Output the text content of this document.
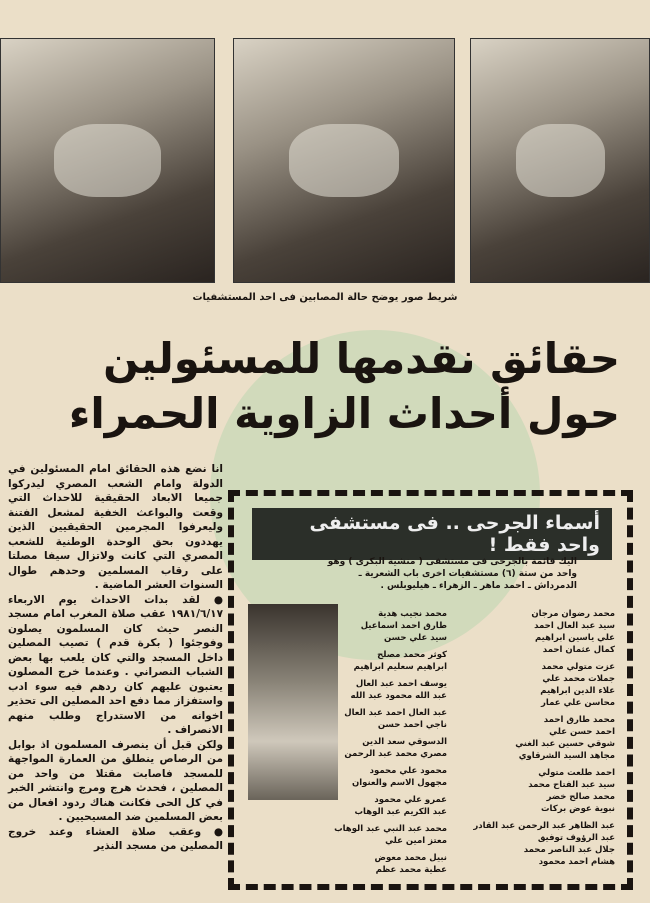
شريط صور يوضح حالة المصابين فى احد المستشفيات
حقائق نقدمها للمسئولين
حول أحداث الزاوية الحمراء

انا نضع هذه الحقائق امام المسئولين في الدولة وامام الشعب المصري ليدركوا جميعا الابعاد الحقيقية للاحداث التي وقعت والبواعث الخفية لمشعل الفتنة وليعرفوا المجرمين الحقيقيين الذين يهددون بحق الوحدة الوطنية للشعب المصري التي كانت ولاتزال سيفا مصلتا على رقاب المسلمين وحدهم طوال السنوات العشر الماضية .

● لقد بدات الاحداث يوم الاربعاء ١٩٨١/٦/١٧ عقب صلاة المغرب امام مسجد النصر حيث كان المسلمون يصلون وفوجئوا ( بكرة قدم ) تصيب المصلين داخل المسجد والتي كان يلعب بها بعض الشباب النصراني . وعندما خرج المصلون يعتبون عليهم كان ردهم فيه سوء ادب واستفزاز مما دفع احد المصلين الى تحذير اخوانه من الاستدراج وطلب منهم الانصراف .

ولكن قبل أن ينصرف المسلمون اذ بوابل من الرصاص ينطلق من العمارة المواجهة للمسجد فاصابت مقتلا من واحد من المصلين ، فحدث هرج ومرج وانتشر الخبر في كل الحى فكانت هناك ردود افعال من بعض المسلمين ضد المسيحيين .

● وعقب صلاة العشاء وعند خروج المصلين من مسجد النذير

أسماء الجرحى .. فى مستشفى واحد فقط !
اليك قائمة بالجرحى فى مستشفى ( منشية البكرى ) وهو واحد من ستة (٦) مستشفيات اخرى باب الشعرية ـ الدمرداش ـ احمد ماهر ـ الزهراء ـ هيليوبلس .
محمد رضوان مرجان
سيد عبد العال احمد
علي ياسين ابراهيم
كمال عثمان احمد
عزت متولي محمد
جملات محمد علي
علاء الدين ابراهيم
محاسن علي عمار
محمد طارق احمد
احمد حسن علي
شوقي حسين عبد الغني
مجاهد السيد الشرقاوي
احمد طلعت متولي
سيد عبد الفتاح محمد
محمد صالح خضر
نبوية عوض بركات
عبد الظاهر عبد الرحمن عبد القادر
عبد الرؤوف توفيق
جلال عبد الناصر محمد
هشام احمد محمود
محمد نجيب هدية
طارق احمد اسماعيل
سيد علي حسن
كوثر محمد مصلح
ابراهيم سعليم ابراهيم
يوسف احمد عبد العال
عبد الله محمود عبد الله
عبد العال احمد عبد العال
ناجي احمد حسن
الدسوقي سعد الدين
مصري محمد عبد الرحمن
محمود علي محمود
مجهول الاسم والعنوان
عمرو علي محمود
عبد الكريم عبد الوهاب
محمد عبد النبي عبد الوهاب
معتز امين علي
نبيل محمد معوض
عطية محمد عظم
